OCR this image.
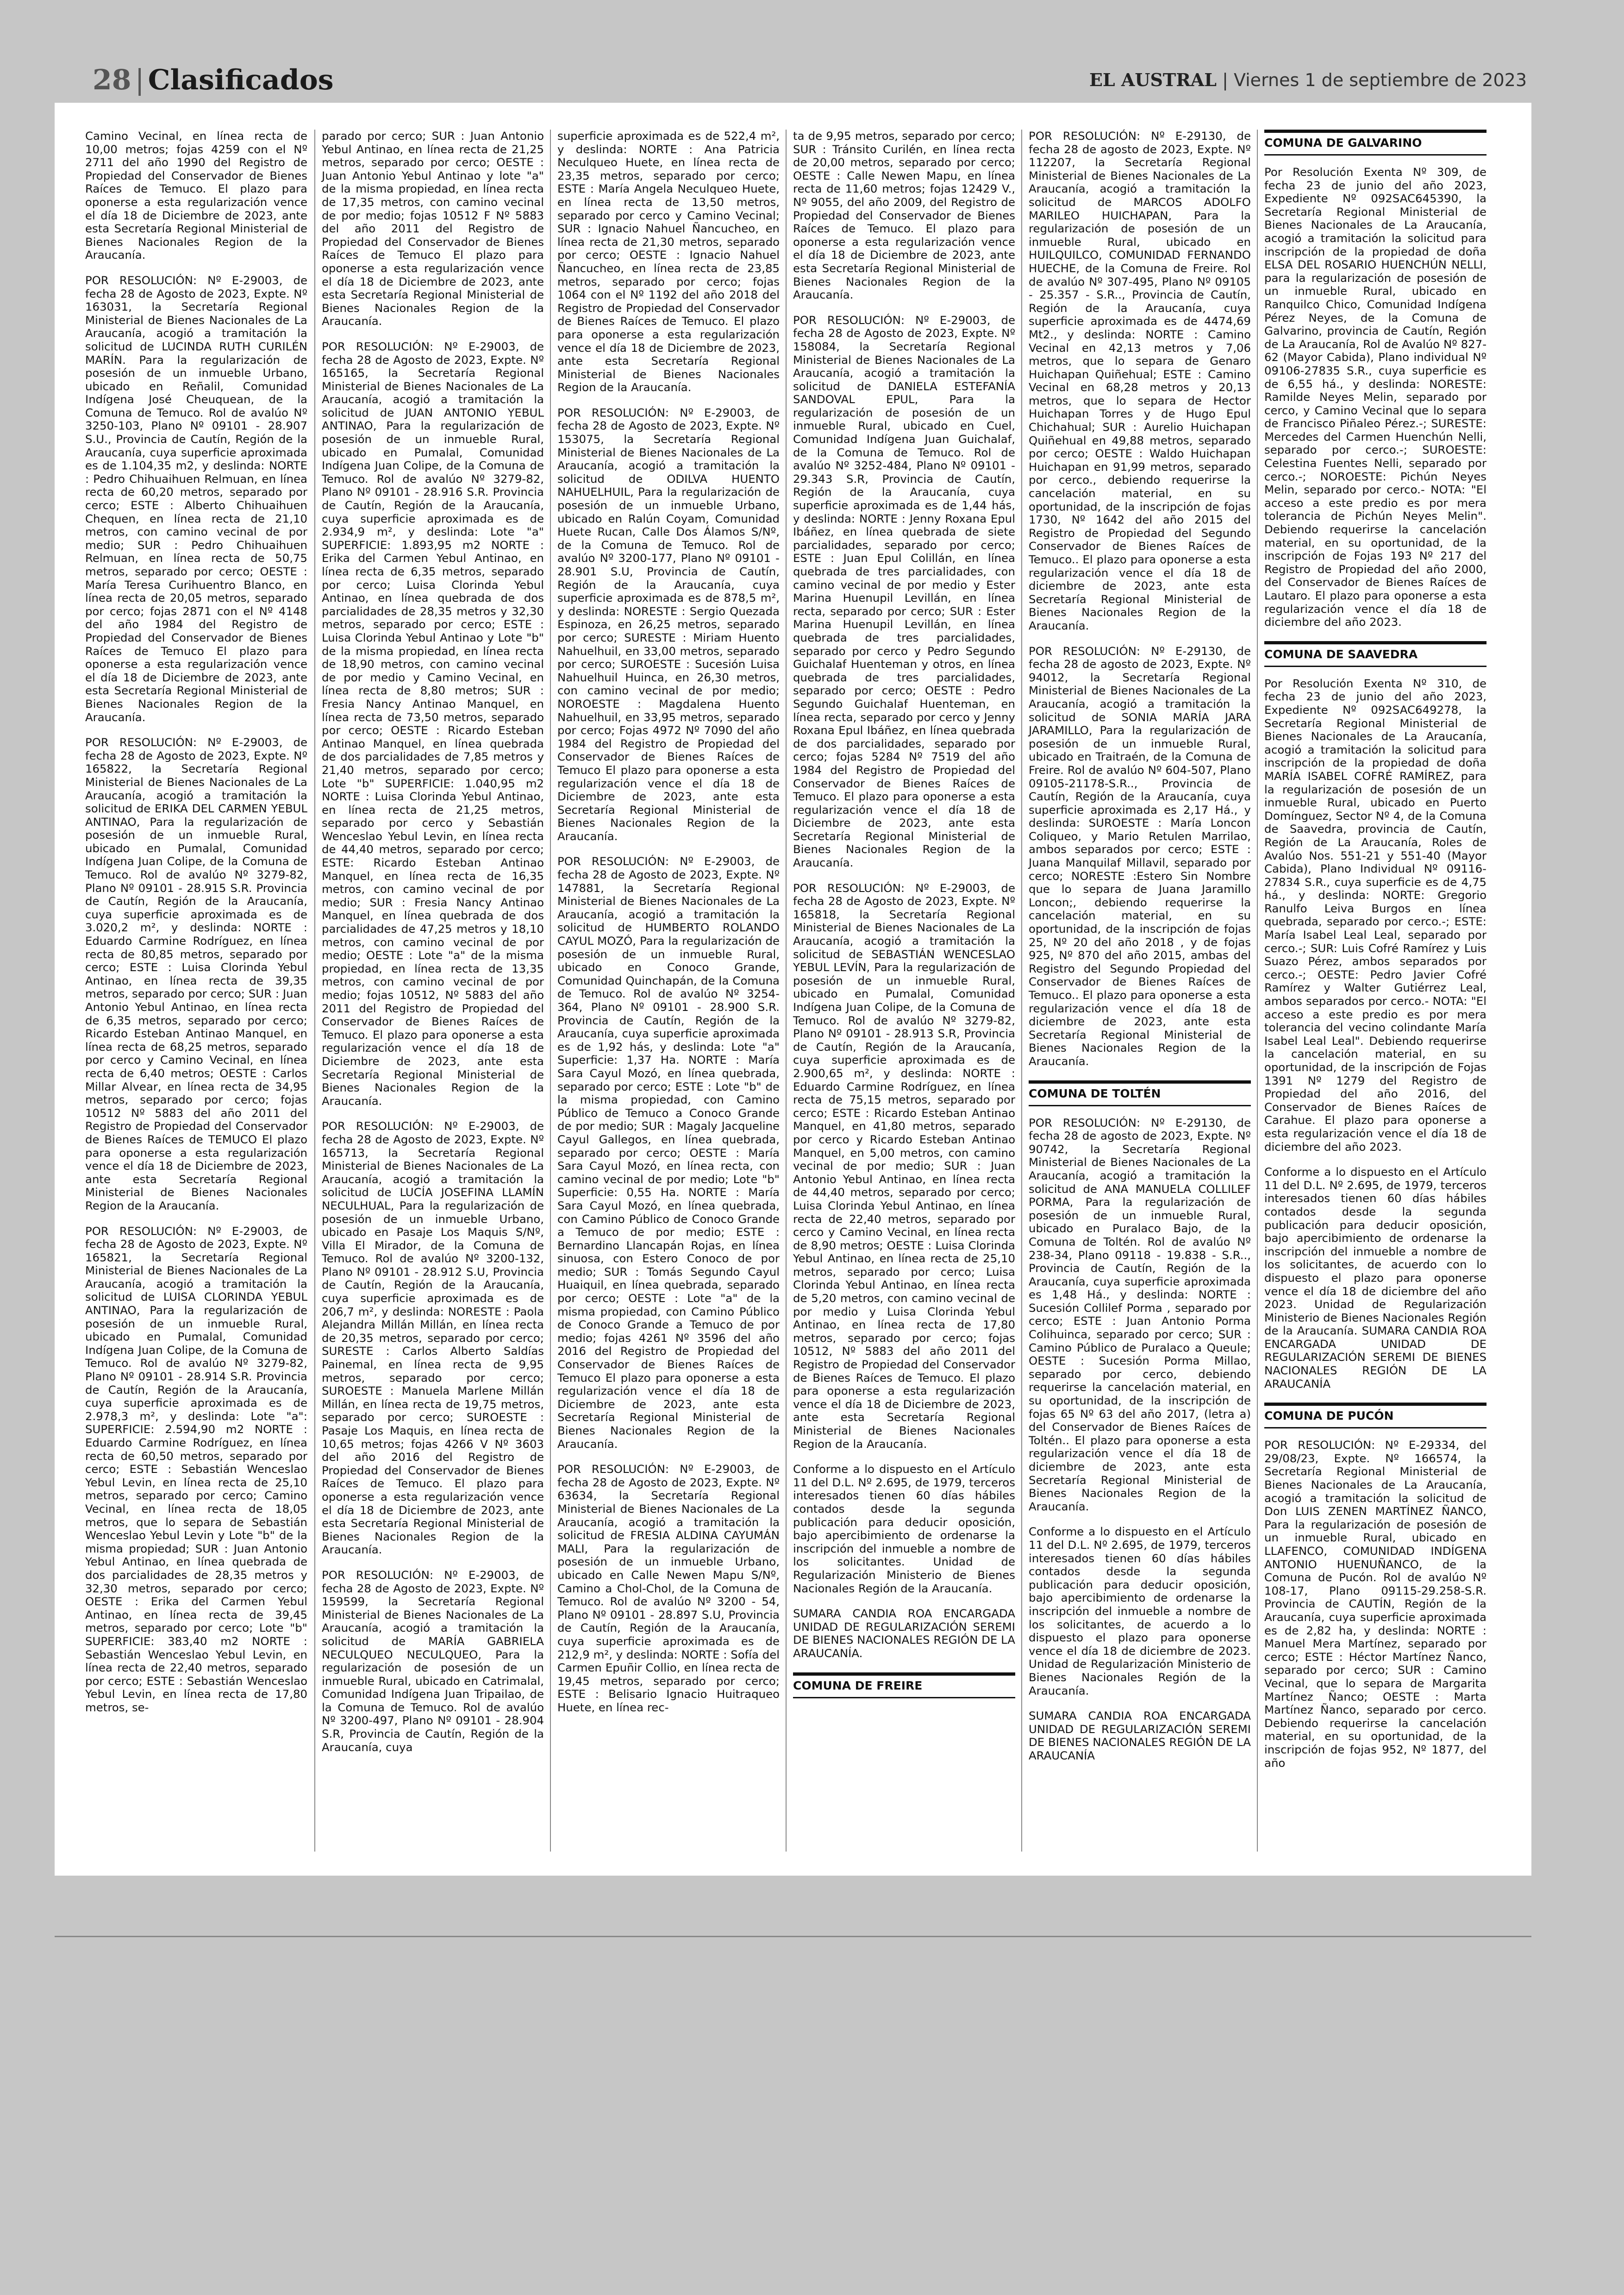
28 | Clasificados	EL AUSTRAL | Viernes 1 de septiembre de 2023

Camino Vecinal, en línea recta de 10,00 metros; fojas 4259 con el Nº 2711 del año 1990 del Registro de Propiedad del Conservador de Bienes Raíces de Temuco. El plazo para oponerse a esta regularización vence el día 18 de Diciembre de 2023, ante esta Secretaría Regional Ministerial de Bienes Nacionales Region de la Araucanía.

POR RESOLUCIÓN: Nº E-29003, de fecha 28 de Agosto de 2023, Expte. Nº 163031, la Secretaría Regional Ministerial de Bienes Nacionales de La Araucanía, acogió a tramitación la solicitud de LUCINDA RUTH CURILÉN MARÍN. Para la regularización de posesión de un inmueble Urbano, ubicado en Reñalil, Comunidad Indígena José Cheuquean, de la Comuna de Temuco. Rol de avalúo Nº 3250-103, Plano Nº 09101 - 28.907 S.U., Provincia de Cautín, Región de la Araucanía, cuya superficie aproximada es de 1.104,35 m2, y deslinda: NORTE : Pedro Chihuaihuen Relmuan, en línea recta de 60,20 metros, separado por cerco; ESTE : Alberto Chihuaihuen Chequen, en línea recta de 21,10 metros, con camino vecinal de por medio; SUR : Pedro Chihuaihuen Relmuan, en línea recta de 50,75 metros, separado por cerco; OESTE : María Teresa Curihuentro Blanco, en línea recta de 20,05 metros, separado por cerco; fojas 2871 con el Nº 4148 del año 1984 del Registro de Propiedad del Conservador de Bienes Raíces de Temuco El plazo para oponerse a esta regularización vence el día 18 de Diciembre de 2023, ante esta Secretaría Regional Ministerial de Bienes Nacionales Region de la Araucanía.

POR RESOLUCIÓN: Nº E-29003, de fecha 28 de Agosto de 2023, Expte. Nº 165822, la Secretaría Regional Ministerial de Bienes Nacionales de La Araucanía, acogió a tramitación la solicitud de ERIKA DEL CARMEN YEBUL ANTINAO, Para la regularización de posesión de un inmueble Rural, ubicado en Pumalal, Comunidad Indígena Juan Colipe, de la Comuna de Temuco. Rol de avalúo Nº 3279-82, Plano Nº 09101 - 28.915 S.R. Provincia de Cautín, Región de la Araucanía, cuya superficie aproximada es de 3.020,2 m², y deslinda: NORTE : Eduardo Carmine Rodríguez, en línea recta de 80,85 metros, separado por cerco; ESTE : Luisa Clorinda Yebul Antinao, en línea recta de 39,35 metros, separado por cerco; SUR : Juan Antonio Yebul Antinao, en línea recta de 6,35 metros, separado por cerco; Ricardo Esteban Antinao Manquel, en línea recta de 68,25 metros, separado por cerco y Camino Vecinal, en línea recta de 6,40 metros; OESTE : Carlos Millar Alvear, en línea recta de 34,95 metros, separado por cerco; fojas 10512 Nº 5883 del año 2011 del Registro de Propiedad del Conservador de Bienes Raíces de TEMUCO El plazo para oponerse a esta regularización vence el día 18 de Diciembre de 2023, ante esta Secretaría Regional Ministerial de Bienes Nacionales Region de la Araucanía.

POR RESOLUCIÓN: Nº E-29003, de fecha 28 de Agosto de 2023, Expte. Nº 165821, la Secretaría Regional Ministerial de Bienes Nacionales de La Araucanía, acogió a tramitación la solicitud de LUISA CLORINDA YEBUL ANTINAO, Para la regularización de posesión de un inmueble Rural, ubicado en Pumalal, Comunidad Indígena Juan Colipe, de la Comuna de Temuco. Rol de avalúo Nº 3279-82, Plano Nº 09101 - 28.914 S.R. Provincia de Cautín, Región de la Araucanía, cuya superficie aproximada es de 2.978,3 m², y deslinda: Lote "a": SUPERFICIE: 2.594,90 m2 NORTE : Eduardo Carmine Rodríguez, en línea recta de 60,50 metros, separado por cerco; ESTE : Sebastián Wenceslao Yebul Levin, en línea recta de 25,10 metros, separado por cerco; Camino Vecinal, en línea recta de 18,05 metros, que lo separa de Sebastián Wenceslao Yebul Levin y Lote "b" de la misma propiedad; SUR : Juan Antonio Yebul Antinao, en línea quebrada de dos parcialidades de 28,35 metros y 32,30 metros, separado por cerco; OESTE : Erika del Carmen Yebul Antinao, en línea recta de 39,45 metros, separado por cerco; Lote "b" SUPERFICIE: 383,40 m2 NORTE : Sebastián Wenceslao Yebul Levin, en línea recta de 22,40 metros, separado por cerco; ESTE : Sebastián Wenceslao Yebul Levin, en línea recta de 17,80 metros, se-

parado por cerco; SUR : Juan Antonio Yebul Antinao, en línea recta de 21,25 metros, separado por cerco; OESTE : Juan Antonio Yebul Antinao y lote "a" de la misma propiedad, en línea recta de 17,35 metros, con camino vecinal de por medio; fojas 10512 F Nº 5883 del año 2011 del Registro de Propiedad del Conservador de Bienes Raíces de Temuco El plazo para oponerse a esta regularización vence el día 18 de Diciembre de 2023, ante esta Secretaría Regional Ministerial de Bienes Nacionales Region de la Araucanía.

POR RESOLUCIÓN: Nº E-29003, de fecha 28 de Agosto de 2023, Expte. Nº 165165, la Secretaría Regional Ministerial de Bienes Nacionales de La Araucanía, acogió a tramitación la solicitud de JUAN ANTONIO YEBUL ANTINAO, Para la regularización de posesión de un inmueble Rural, ubicado en Pumalal, Comunidad Indígena Juan Colipe, de la Comuna de Temuco. Rol de avalúo Nº 3279-82, Plano Nº 09101 - 28.916 S.R. Provincia de Cautín, Región de la Araucanía, cuya superficie aproximada es de 2.934,9 m², y deslinda: Lote "a" SUPERFICIE: 1.893,95 m2 NORTE : Erika del Carmen Yebul Antinao, en línea recta de 6,35 metros, separado por cerco; Luisa Clorinda Yebul Antinao, en línea quebrada de dos parcialidades de 28,35 metros y 32,30 metros, separado por cerco; ESTE : Luisa Clorinda Yebul Antinao y Lote "b" de la misma propiedad, en línea recta de 18,90 metros, con camino vecinal de por medio y Camino Vecinal, en línea recta de 8,80 metros; SUR : Fresia Nancy Antinao Manquel, en línea recta de 73,50 metros, separado por cerco; OESTE : Ricardo Esteban Antinao Manquel, en línea quebrada de dos parcialidades de 7,85 metros y 21,40 metros, separado por cerco; Lote "b" SUPERFICIE: 1.040,95 m2 NORTE : Luisa Clorinda Yebul Antinao, en línea recta de 21,25 metros, separado por cerco y Sebastián Wenceslao Yebul Levin, en línea recta de 44,40 metros, separado por cerco; ESTE: Ricardo Esteban Antinao Manquel, en línea recta de 16,35 metros, con camino vecinal de por medio; SUR : Fresia Nancy Antinao Manquel, en línea quebrada de dos parcialidades de 47,25 metros y 18,10 metros, con camino vecinal de por medio; OESTE : Lote "a" de la misma propiedad, en línea recta de 13,35 metros, con camino vecinal de por medio; fojas 10512, Nº 5883 del año 2011 del Registro de Propiedad del Conservador de Bienes Raíces de Temuco. El plazo para oponerse a esta regularización vence el día 18 de Diciembre de 2023, ante esta Secretaría Regional Ministerial de Bienes Nacionales Region de la Araucanía.

POR RESOLUCIÓN: Nº E-29003, de fecha 28 de Agosto de 2023, Expte. Nº 165713, la Secretaría Regional Ministerial de Bienes Nacionales de La Araucanía, acogió a tramitación la solicitud de LUCÍA JOSEFINA LLAMÍN NECULHUAL, Para la regularización de posesión de un inmueble Urbano, ubicado en Pasaje Los Maquis S/Nº, Villa El Mirador, de la Comuna de Temuco. Rol de avalúo Nº 3200-132, Plano Nº 09101 - 28.912 S.U, Provincia de Cautín, Región de la Araucanía, cuya superficie aproximada es de 206,7 m², y deslinda: NORESTE : Paola Alejandra Millán Millán, en línea recta de 20,35 metros, separado por cerco; SURESTE : Carlos Alberto Saldías Painemal, en línea recta de 9,95 metros, separado por cerco; SUROESTE : Manuela Marlene Millán Millán, en línea recta de 19,75 metros, separado por cerco; SUROESTE : Pasaje Los Maquis, en línea recta de 10,65 metros; fojas 4266 V Nº 3603 del año 2016 del Registro de Propiedad del Conservador de Bienes Raíces de Temuco. El plazo para oponerse a esta regularización vence el día 18 de Diciembre de 2023, ante esta Secretaría Regional Ministerial de Bienes Nacionales Region de la Araucanía.

POR RESOLUCIÓN: Nº E-29003, de fecha 28 de Agosto de 2023, Expte. Nº 159599, la Secretaría Regional Ministerial de Bienes Nacionales de La Araucanía, acogió a tramitación la solicitud de MARÍA GABRIELA NECULQUEO NECULQUEO, Para la regularización de posesión de un inmueble Rural, ubicado en Catrimalal, Comunidad Indígena Juan Tripailao, de la Comuna de Temuco. Rol de avalúo Nº 3200-497, Plano Nº 09101 - 28.904 S.R, Provincia de Cautín, Región de la Araucanía, cuya

superficie aproximada es de 522,4 m², y deslinda: NORTE : Ana Patricia Neculqueo Huete, en línea recta de 23,35 metros, separado por cerco; ESTE : María Angela Neculqueo Huete, en línea recta de 13,50 metros, separado por cerco y Camino Vecinal; SUR : Ignacio Nahuel Ñancucheo, en línea recta de 21,30 metros, separado por cerco; OESTE : Ignacio Nahuel Ñancucheo, en línea recta de 23,85 metros, separado por cerco; fojas 1064 con el Nº 1192 del año 2018 del Registro de Propiedad del Conservador de Bienes Raíces de Temuco. El plazo para oponerse a esta regularización vence el día 18 de Diciembre de 2023, ante esta Secretaría Regional Ministerial de Bienes Nacionales Region de la Araucanía.

POR RESOLUCIÓN: Nº E-29003, de fecha 28 de Agosto de 2023, Expte. Nº 153075, la Secretaría Regional Ministerial de Bienes Nacionales de La Araucanía, acogió a tramitación la solicitud de ODILVA HUENTO NAHUELHUIL, Para la regularización de posesión de un inmueble Urbano, ubicado en Ralún Coyam, Comunidad Huete Rucan, Calle Dos Álamos S/Nº, de la Comuna de Temuco. Rol de avalúo Nº 3200-177, Plano Nº 09101 - 28.901 S.U, Provincia de Cautín, Región de la Araucanía, cuya superficie aproximada es de 878,5 m², y deslinda: NORESTE : Sergio Quezada Espinoza, en 26,25 metros, separado por cerco; SURESTE : Miriam Huento Nahuelhuil, en 33,00 metros, separado por cerco; SUROESTE : Sucesión Luisa Nahuelhuil Huinca, en 26,30 metros, con camino vecinal de por medio; NOROESTE : Magdalena Huento Nahuelhuil, en 33,95 metros, separado por cerco; Fojas 4972 Nº 7090 del año 1984 del Registro de Propiedad del Conservador de Bienes Raíces de Temuco El plazo para oponerse a esta regularización vence el día 18 de Diciembre de 2023, ante esta Secretaría Regional Ministerial de Bienes Nacionales Region de la Araucanía.

POR RESOLUCIÓN: Nº E-29003, de fecha 28 de Agosto de 2023, Expte. Nº 147881, la Secretaría Regional Ministerial de Bienes Nacionales de La Araucanía, acogió a tramitación la solicitud de HUMBERTO ROLANDO CAYUL MOZÓ, Para la regularización de posesión de un inmueble Rural, ubicado en Conoco Grande, Comunidad Quinchapán, de la Comuna de Temuco. Rol de avalúo Nº 3254-364, Plano Nº 09101 - 28.900 S.R. Provincia de Cautín, Región de la Araucanía, cuya superficie aproximada es de 1,92 hás, y deslinda: Lote "a" Superficie: 1,37 Ha. NORTE : María Sara Cayul Mozó, en línea quebrada, separado por cerco; ESTE : Lote "b" de la misma propiedad, con Camino Público de Temuco a Conoco Grande de por medio; SUR : Magaly Jacqueline Cayul Gallegos, en línea quebrada, separado por cerco; OESTE : María Sara Cayul Mozó, en línea recta, con camino vecinal de por medio; Lote "b" Superficie: 0,55 Ha. NORTE : María Sara Cayul Mozó, en línea quebrada, con Camino Público de Conoco Grande a Temuco de por medio; ESTE : Bernardino Llancapán Rojas, en línea sinuosa, con Estero Conoco de por medio; SUR : Tomás Segundo Cayul Huaiquil, en línea quebrada, separado por cerco; OESTE : Lote "a" de la misma propiedad, con Camino Público de Conoco Grande a Temuco de por medio; fojas 4261 Nº 3596 del año 2016 del Registro de Propiedad del Conservador de Bienes Raíces de Temuco El plazo para oponerse a esta regularización vence el día 18 de Diciembre de 2023, ante esta Secretaría Regional Ministerial de Bienes Nacionales Region de la Araucanía.

POR RESOLUCIÓN: Nº E-29003, de fecha 28 de Agosto de 2023, Expte. Nº 63634, la Secretaría Regional Ministerial de Bienes Nacionales de La Araucanía, acogió a tramitación la solicitud de FRESIA ALDINA CAYUMÁN MALI, Para la regularización de posesión de un inmueble Urbano, ubicado en Calle Newen Mapu S/Nº, Camino a Chol-Chol, de la Comuna de Temuco. Rol de avalúo Nº 3200 - 54, Plano Nº 09101 - 28.897 S.U, Provincia de Cautín, Región de la Araucanía, cuya superficie aproximada es de 212,9 m², y deslinda: NORTE : Sofía del Carmen Epuñir Collio, en línea recta de 19,45 metros, separado por cerco; ESTE : Belisario Ignacio Huitraqueo Huete, en línea rec-

ta de 9,95 metros, separado por cerco; SUR : Tránsito Curilén, en línea recta de 20,00 metros, separado por cerco; OESTE : Calle Newen Mapu, en línea recta de 11,60 metros; fojas 12429 V., Nº 9055, del año 2009, del Registro de Propiedad del Conservador de Bienes Raíces de Temuco. El plazo para oponerse a esta regularización vence el día 18 de Diciembre de 2023, ante esta Secretaría Regional Ministerial de Bienes Nacionales Region de la Araucanía.

POR RESOLUCIÓN: Nº E-29003, de fecha 28 de Agosto de 2023, Expte. Nº 158084, la Secretaría Regional Ministerial de Bienes Nacionales de La Araucanía, acogió a tramitación la solicitud de DANIELA ESTEFANÍA SANDOVAL EPUL, Para la regularización de posesión de un inmueble Rural, ubicado en Cuel, Comunidad Indígena Juan Guichalaf, de la Comuna de Temuco. Rol de avalúo Nº 3252-484, Plano Nº 09101 - 29.343 S.R, Provincia de Cautín, Región de la Araucanía, cuya superficie aproximada es de 1,44 hás, y deslinda: NORTE : Jenny Roxana Epul Ibáñez, en línea quebrada de siete parcialidades, separado por cerco; ESTE : Juan Epul Colillán, en línea quebrada de tres parcialidades, con camino vecinal de por medio y Ester Marina Huenupil Levillán, en línea recta, separado por cerco; SUR : Ester Marina Huenupil Levillán, en línea quebrada de tres parcialidades, separado por cerco y Pedro Segundo Guichalaf Huenteman y otros, en línea quebrada de tres parcialidades, separado por cerco; OESTE : Pedro Segundo Guichalaf Huenteman, en línea recta, separado por cerco y Jenny Roxana Epul Ibáñez, en línea quebrada de dos parcialidades, separado por cerco; fojas 5284 Nº 7519 del año 1984 del Registro de Propiedad del Conservador de Bienes Raíces de Temuco. El plazo para oponerse a esta regularización vence el día 18 de Diciembre de 2023, ante esta Secretaría Regional Ministerial de Bienes Nacionales Region de la Araucanía.

POR RESOLUCIÓN: Nº E-29003, de fecha 28 de Agosto de 2023, Expte. Nº 165818, la Secretaría Regional Ministerial de Bienes Nacionales de La Araucanía, acogió a tramitación la solicitud de SEBASTIÁN WENCESLAO YEBUL LEVÍN, Para la regularización de posesión de un inmueble Rural, ubicado en Pumalal, Comunidad Indígena Juan Colipe, de la Comuna de Temuco. Rol de avalúo Nº 3279-82, Plano Nº 09101 - 28.913 S.R, Provincia de Cautín, Región de la Araucanía, cuya superficie aproximada es de 2.900,65 m², y deslinda: NORTE : Eduardo Carmine Rodríguez, en línea recta de 75,15 metros, separado por cerco; ESTE : Ricardo Esteban Antinao Manquel, en 41,80 metros, separado por cerco y Ricardo Esteban Antinao Manquel, en 5,00 metros, con camino vecinal de por medio; SUR : Juan Antonio Yebul Antinao, en línea recta de 44,40 metros, separado por cerco; Luisa Clorinda Yebul Antinao, en línea recta de 22,40 metros, separado por cerco y Camino Vecinal, en línea recta de 8,90 metros; OESTE : Luisa Clorinda Yebul Antinao, en línea recta de 25,10 metros, separado por cerco; Luisa Clorinda Yebul Antinao, en línea recta de 5,20 metros, con camino vecinal de por medio y Luisa Clorinda Yebul Antinao, en línea recta de 17,80 metros, separado por cerco; fojas 10512, Nº 5883 del año 2011 del Registro de Propiedad del Conservador de Bienes Raíces de Temuco. El plazo para oponerse a esta regularización vence el día 18 de Diciembre de 2023, ante esta Secretaría Regional Ministerial de Bienes Nacionales Region de la Araucanía.

Conforme a lo dispuesto en el Artículo 11 del D.L. Nº 2.695, de 1979, terceros interesados tienen 60 días hábiles contados desde la segunda publicación para deducir oposición, bajo apercibimiento de ordenarse la inscripción del inmueble a nombre de los solicitantes. Unidad de Regularización Ministerio de Bienes Nacionales Región de la Araucanía.

SUMARA CANDIA ROA ENCARGADA UNIDAD DE REGULARIZACIÓN SEREMI DE BIENES NACIONALES REGIÓN DE LA ARAUCANÍA.

COMUNA DE FREIRE

POR RESOLUCIÓN: Nº E-29130, de fecha 28 de agosto de 2023, Expte. Nº 112207, la Secretaría Regional Ministerial de Bienes Nacionales de La Araucanía, acogió a tramitación la solicitud de MARCOS ADOLFO MARILEO HUICHAPAN, Para la regularización de posesión de un inmueble Rural, ubicado en HUILQUILCO, COMUNIDAD FERNANDO HUECHE, de la Comuna de Freire. Rol de avalúo Nº 307-495, Plano Nº 09105 - 25.357 - S.R.., Provincia de Cautín, Región de la Araucanía, cuya superficie aproximada es de 4474,69 Mt2., y deslinda: NORTE : Camino Vecinal en 42,13 metros y 7,06 metros, que lo separa de Genaro Huichapan Quiñehual; ESTE : Camino Vecinal en 68,28 metros y 20,13 metros, que lo separa de Hector Huichapan Torres y de Hugo Epul Chichahual; SUR : Aurelio Huichapan Quiñehual en 49,88 metros, separado por cerco; OESTE : Waldo Huichapan Huichapan en 91,99 metros, separado por cerco., debiendo requerirse la cancelación material, en su oportunidad, de la inscripción de fojas 1730, Nº 1642 del año 2015 del Registro de Propiedad del Segundo Conservador de Bienes Raíces de Temuco.. El plazo para oponerse a esta regularización vence el día 18 de diciembre de 2023, ante esta Secretaría Regional Ministerial de Bienes Nacionales Region de la Araucanía.

POR RESOLUCIÓN: Nº E-29130, de fecha 28 de agosto de 2023, Expte. Nº 94012, la Secretaría Regional Ministerial de Bienes Nacionales de La Araucanía, acogió a tramitación la solicitud de SONIA MARÍA JARA JARAMILLO, Para la regularización de posesión de un inmueble Rural, ubicado en Traitraén, de la Comuna de Freire. Rol de avalúo Nº 604-507, Plano 09105-21178-S.R.., Provincia de Cautín, Región de la Araucanía, cuya superficie aproximada es 2,17 Há., y deslinda: SUROESTE : María Loncon Coliqueo, y Mario Retulen Marrilao, ambos separados por cerco; ESTE : Juana Manquilaf Millavil, separado por cerco; NORESTE :Estero Sin Nombre que lo separa de Juana Jaramillo Loncon;, debiendo requerirse la cancelación material, en su oportunidad, de la inscripción de fojas 25, Nº 20 del año 2018 , y de fojas 925, Nº 870 del año 2015, ambas del Registro del Segundo Propiedad del Conservador de Bienes Raíces de Temuco.. El plazo para oponerse a esta regularización vence el día 18 de diciembre de 2023, ante esta Secretaría Regional Ministerial de Bienes Nacionales Region de la Araucanía.

COMUNA DE TOLTÉN

POR RESOLUCIÓN: Nº E-29130, de fecha 28 de agosto de 2023, Expte. Nº 90742, la Secretaría Regional Ministerial de Bienes Nacionales de La Araucanía, acogió a tramitación la solicitud de ANA MANUELA COLLILEF PORMA, Para la regularización de posesión de un inmueble Rural, ubicado en Puralaco Bajo, de la Comuna de Toltén. Rol de avalúo Nº 238-34, Plano 09118 - 19.838 - S.R.., Provincia de Cautín, Región de la Araucanía, cuya superficie aproximada es 1,48 Há., y deslinda: NORTE : Sucesión Collilef Porma , separado por cerco; ESTE : Juan Antonio Porma Colihuinca, separado por cerco; SUR : Camino Público de Puralaco a Queule; OESTE : Sucesión Porma Millao, separado por cerco, debiendo requerirse la cancelación material, en su oportunidad, de la inscripción de fojas 65 Nº 63 del año 2017, (letra a) del Conservador de Bienes Raíces de Toltén.. El plazo para oponerse a esta regularización vence el día 18 de diciembre de 2023, ante esta Secretaría Regional Ministerial de Bienes Nacionales Region de la Araucanía.

Conforme a lo dispuesto en el Artículo 11 del D.L. Nº 2.695, de 1979, terceros interesados tienen 60 días hábiles contados desde la segunda publicación para deducir oposición, bajo apercibimiento de ordenarse la inscripción del inmueble a nombre de los solicitantes, de acuerdo a lo dispuesto el plazo para oponerse vence el día 18 de diciembre de 2023. Unidad de Regularización Ministerio de Bienes Nacionales Región de la Araucanía.

SUMARA CANDIA ROA ENCARGADA UNIDAD DE REGULARIZACIÓN SEREMI DE BIENES NACIONALES REGIÓN DE LA ARAUCANÍA

COMUNA DE GALVARINO

Por Resolución Exenta Nº 309, de fecha 23 de junio del año 2023, Expediente Nº 092SAC645390, la Secretaría Regional Ministerial de Bienes Nacionales de La Araucanía, acogió a tramitación la solicitud para inscripción de la propiedad de doña ELSA DEL ROSARIO HUENCHÚN NELLI, para la regularización de posesión de un inmueble Rural, ubicado en Ranquilco Chico, Comunidad Indígena Pérez Neyes, de la Comuna de Galvarino, provincia de Cautín, Región de La Araucanía, Rol de Avalúo Nº 827-62 (Mayor Cabida), Plano individual Nº 09106-27835 S.R., cuya superficie es de 6,55 há., y deslinda: NORESTE: Ramilde Neyes Melin, separado por cerco, y Camino Vecinal que lo separa de Francisco Piñaleo Pérez.-; SURESTE: Mercedes del Carmen Huenchún Nelli, separado por cerco.-; SUROESTE: Celestina Fuentes Nelli, separado por cerco.-; NOROESTE: Pichún Neyes Melin, separado por cerco.- NOTA: "El acceso a este predio es por mera tolerancia de Pichún Neyes Melin". Debiendo requerirse la cancelación material, en su oportunidad, de la inscripción de Fojas 193 Nº 217 del Registro de Propiedad del año 2000, del Conservador de Bienes Raíces de Lautaro. El plazo para oponerse a esta regularización vence el día 18 de diciembre del año 2023.

COMUNA DE SAAVEDRA

Por Resolución Exenta Nº 310, de fecha 23 de junio del año 2023, Expediente Nº 092SAC649278, la Secretaría Regional Ministerial de Bienes Nacionales de La Araucanía, acogió a tramitación la solicitud para inscripción de la propiedad de doña MARÍA ISABEL COFRÉ RAMÍREZ, para la regularización de posesión de un inmueble Rural, ubicado en Puerto Domínguez, Sector Nº 4, de la Comuna de Saavedra, provincia de Cautín, Región de La Araucanía, Roles de Avalúo Nos. 551-21 y 551-40 (Mayor Cabida), Plano Individual Nº 09116-27834 S.R., cuya superficie es de 4,75 há., y deslinda: NORTE: Gregorio Ranulfo Leiva Burgos en línea quebrada, separado por cerco.-; ESTE: María Isabel Leal Leal, separado por cerco.-; SUR: Luis Cofré Ramírez y Luis Suazo Pérez, ambos separados por cerco.-; OESTE: Pedro Javier Cofré Ramírez y Walter Gutiérrez Leal, ambos separados por cerco.- NOTA: "El acceso a este predio es por mera tolerancia del vecino colindante María Isabel Leal Leal". Debiendo requerirse la cancelación material, en su oportunidad, de la inscripción de Fojas 1391 Nº 1279 del Registro de Propiedad del año 2016, del Conservador de Bienes Raíces de Carahue. El plazo para oponerse a esta regularización vence el día 18 de diciembre del año 2023.

Conforme a lo dispuesto en el Artículo 11 del D.L. Nº 2.695, de 1979, terceros interesados tienen 60 días hábiles contados desde la segunda publicación para deducir oposición, bajo apercibimiento de ordenarse la inscripción del inmueble a nombre de los solicitantes, de acuerdo con lo dispuesto el plazo para oponerse vence el día 18 de diciembre del año 2023. Unidad de Regularización Ministerio de Bienes Nacionales Región de la Araucanía. SUMARA CANDIA ROA ENCARGADA UNIDAD DE REGULARIZACIÓN SEREMI DE BIENES NACIONALES REGIÓN DE LA ARAUCANÍA

COMUNA DE PUCÓN

POR RESOLUCIÓN: Nº E-29334, del 29/08/23, Expte. Nº 166574, la Secretaría Regional Ministerial de Bienes Nacionales de La Araucanía, acogió a tramitación la solicitud de Don LUIS ZENEN MARTÍNEZ ÑANCO, Para la regularización de posesión de un inmueble Rural, ubicado en LLAFENCO, COMUNIDAD INDÍGENA ANTONIO HUENUÑANCO, de la Comuna de Pucón. Rol de avalúo Nº 108-17, Plano 09115-29.258-S.R. Provincia de CAUTÍN, Región de la Araucanía, cuya superficie aproximada es de 2,82 ha, y deslinda: NORTE : Manuel Mera Martínez, separado por cerco; ESTE : Héctor Martínez Ñanco, separado por cerco; SUR : Camino Vecinal, que lo separa de Margarita Martínez Ñanco; OESTE : Marta Martínez Ñanco, separado por cerco. Debiendo requerirse la cancelación material, en su oportunidad, de la inscripción de fojas 952, Nº 1877, del año
